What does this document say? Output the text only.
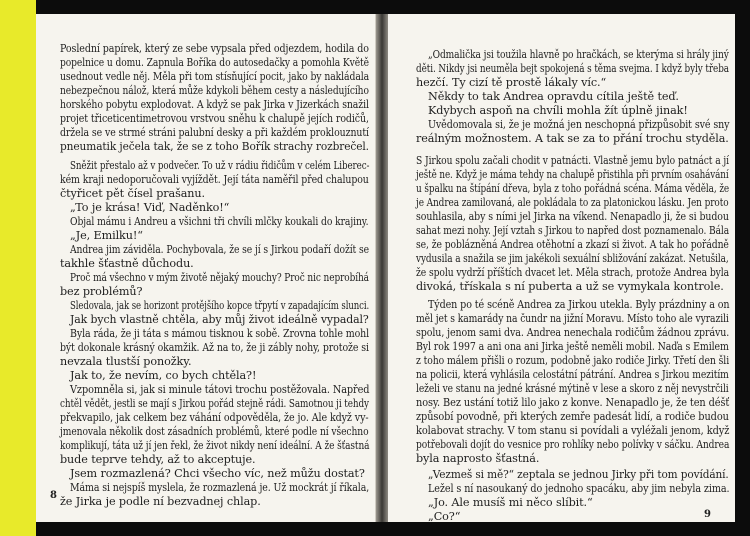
Poslední papírek, který ze sebe vypsala před odjezdem, hodila do
popelnice u domu. Zapnula Boříka do autosedačky a pomohla Květě
usednout vedle něj. Měla při tom stísňující pocit, jako by nakládala
nebezpečnou nálož, která může kdykoli během cesty a následujícího
horského pobytu explodovat. A když se pak Jirka v Jizerkách snažil
projet třiceticentimetrovou vrstvou sněhu k chalupě jejích rodičů,
držela se ve strmé stráni palubní desky a při každém proklouznutí
pneumatik ječela tak, že se z toho Bořík strachy rozbrečel.
Sněžit přestalo až v podvečer. To už v rádiu řidičům v celém Liberec-
kém kraji nedoporučovali vyjíždět. Její táta naměřil před chalupou
čtyřicet pět čísel prašanu.
„To je krása! Viď, Naděnko!“
Objal mámu i Andreu a všichni tři chvíli mlčky koukali do krajiny.
„Je, Emilku!“
Andrea jim záviděla. Pochybovala, že se jí s Jirkou podaří dožít se
takhle šťastně důchodu.
Proč má všechno v mým životě nějaký mouchy? Proč nic neprobíhá
bez problémů?
Sledovala, jak se horizont protějšího kopce třpytí v zapadajícím slunci.
Jak bych vlastně chtěla, aby můj život ideálně vypadal?
Byla ráda, že ji táta s mámou tisknou k sobě. Zrovna tohle mohl
být dokonale krásný okamžik. Až na to, že ji zábly nohy, protože si
nevzala tlustší ponožky.
Jak to, že nevím, co bych chtěla?!
Vzpomněla si, jak si minule tátovi trochu postěžovala. Napřed
chtěl vědět, jestli se mají s Jirkou pořád stejně rádi. Samotnou ji tehdy
překvapilo, jak celkem bez váhání odpověděla, že jo. Ale když vy-
jmenovala několik dost zásadních problémů, které podle ní všechno
komplikují, táta už jí jen řekl, že život nikdy není ideální. A že šťastná
bude teprve tehdy, až to akceptuje.
Jsem rozmazlená? Chci všecho víc, než můžu dostat?
Máma si nejspíš myslela, že rozmazlená je. Už mockrát jí říkala,
že Jirka je podle ní bezvadnej chlap.
8
„Odmalička jsi toužila hlavně po hračkách, se kterýma si hrály jiný
děti. Nikdy jsi neuměla bejt spokojená s těma svejma. I když byly třeba
hezčí. Ty cizí tě prostě lákaly víc.“
Někdy to tak Andrea opravdu cítila ještě teď.
Kdybych aspoň na chvíli mohla žít úplně jinak!
Uvědomovala si, že je možná jen neschopná přizpůsobit své sny
reálným možnostem. A tak se za to přání trochu styděla.
S Jirkou spolu začali chodit v patnácti. Vlastně jemu bylo patnáct a jí
ještě ne. Když je máma tehdy na chalupě přistihla při prvním osahávání
u špalku na štípání dřeva, byla z toho pořádná scéna. Máma věděla, že
je Andrea zamilovaná, ale pokládala to za platonickou lásku. Jen proto
souhlasila, aby s ními jel Jirka na víkend. Nenapadlo ji, že si budou
sahat mezi nohy. Její vztah s Jirkou to napřed dost poznamenalo. Bála
se, že poblázněná Andrea otěhotní a zkazí si život. A tak ho pořádně
vydusila a snažila se jim jakékoli sexuální sbližování zakázat. Netušila,
že spolu vydrží příštích dvacet let. Měla strach, protože Andrea byla
divoká, třískala s ní puberta a už se vymykala kontrole.
Týden po té scéně Andrea za Jirkou utekla. Byly prázdniny a on
měl jet s kamarády na čundr na jižní Moravu. Místo toho ale vyrazili
spolu, jenom sami dva. Andrea nenechala rodičům žádnou zprávu.
Byl rok 1997 a ani ona ani Jirka ještě neměli mobil. Naďa s Emilem
z toho málem přišli o rozum, podobně jako rodiče Jirky. Třetí den šli
na policii, která vyhlásila celostátní pátrání. Andrea s Jirkou mezitím
leželi ve stanu na jedné krásné mýtině v lese a skoro z něj nevystrčili
nosy. Bez ustání totiž lilo jako z konve. Nenapadlo je, že ten déšť
způsobí povodně, při kterých zemře padesát lidí, a rodiče budou
kolabovat strachy. V tom stanu si povídali a vyléžali jenom, když
potřebovali dojít do vesnice pro rohlíky nebo polívky v sáčku. Andrea
byla naprosto šťastná.
„Vezmeš si mě?“ zeptala se jednou Jirky při tom povídání.
Ležel s ní nasoukaný do jednoho spacáku, aby jim nebyla zima.
„Jo. Ale musíš mi něco slíbit.“
„Co?“	9
